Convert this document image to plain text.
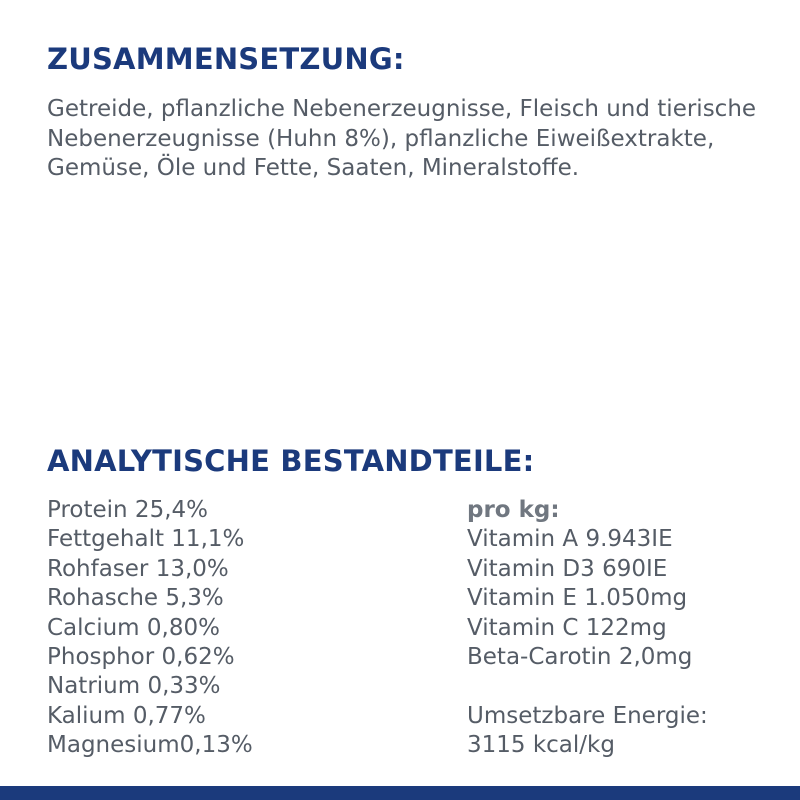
ZUSAMMENSETZUNG:

Getreide, pflanzliche Nebenerzeugnisse, Fleisch und tierische Nebenerzeugnisse (Huhn 8%), pflanzliche Eiweißextrakte, Gemüse, Öle und Fette, Saaten, Mineralstoffe.

ANALYTISCHE BESTANDTEILE:
Protein 25,4%
Fettgehalt 11,1%
Rohfaser 13,0%
Rohasche 5,3%
Calcium 0,80%
Phosphor 0,62%
Natrium 0,33%
Kalium 0,77%
Magnesium0,13%
pro kg:
Vitamin A 9.943IE
Vitamin D3 690IE
Vitamin E 1.050mg
Vitamin C 122mg
Beta-Carotin 2,0mg
Umsetzbare Energie:
3115 kcal/kg
